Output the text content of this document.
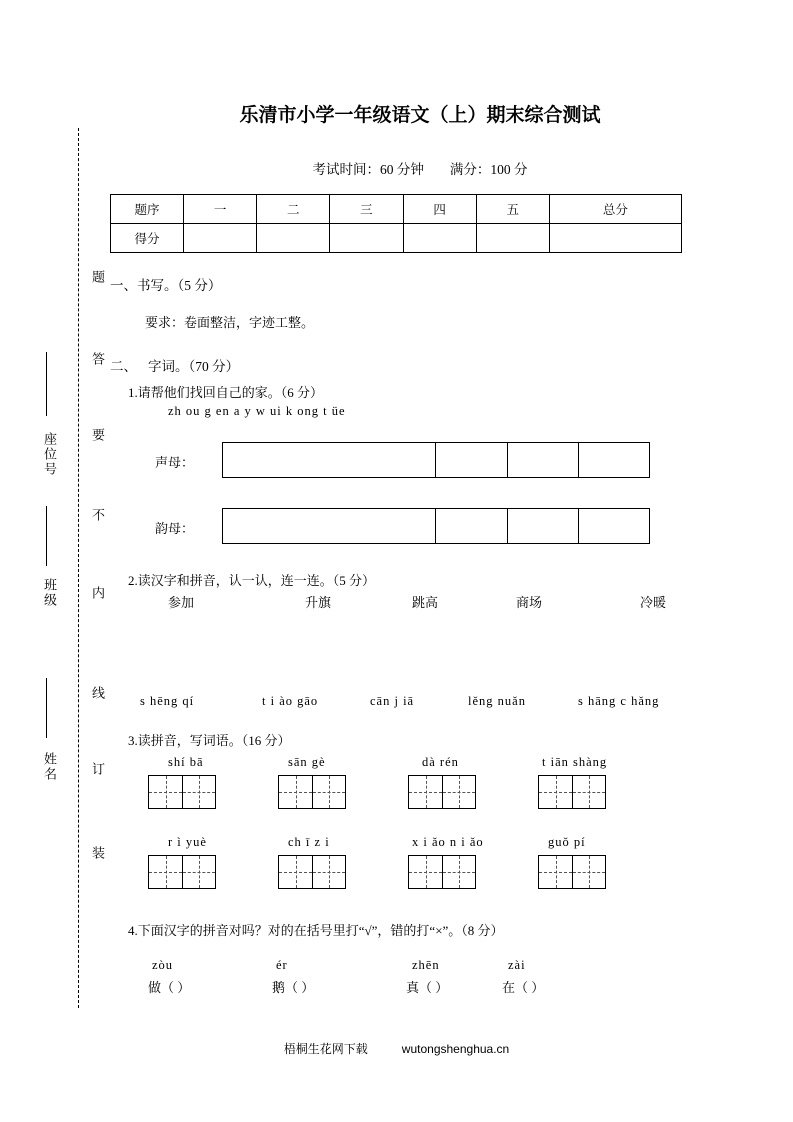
题
答
要
不
内
线
订
装
座位号
班级
姓名
乐清市小学一年级语文（上）期末综合测试
考试时间：60 分钟 满分：100 分
题序	一	二	三	四	五	总分
得分						
一、书写。（5 分）
要求：卷面整洁，字迹工整。
二、 字词。（70 分）
1.请帮他们找回自己的家。（6 分）
zh ou g en a y w ui k ong t üe
声母：
韵母：
2.读汉字和拼音，认一认，连一连。（5 分）
参加	升旗	跳高	商场	冷暖
s hēng qí	t i ào gāo	cān j iā	lěng nuǎn	s hāng c hǎng
3.读拼音，写词语。（16 分）
shí bā	sān gè	dà rén	t iān shàng
r ì yuè	ch ī z i	x i ǎo n i ǎo	guǒ pí
4.下面汉字的拼音对吗？对的在括号里打“√”，错的打“×”。（8 分）
zòu	ér	zhēn	zài
做（ ）	鹅（ ）	真（ ）	在（ ）
梧桐生花网下载	wutongshenghua.cn
